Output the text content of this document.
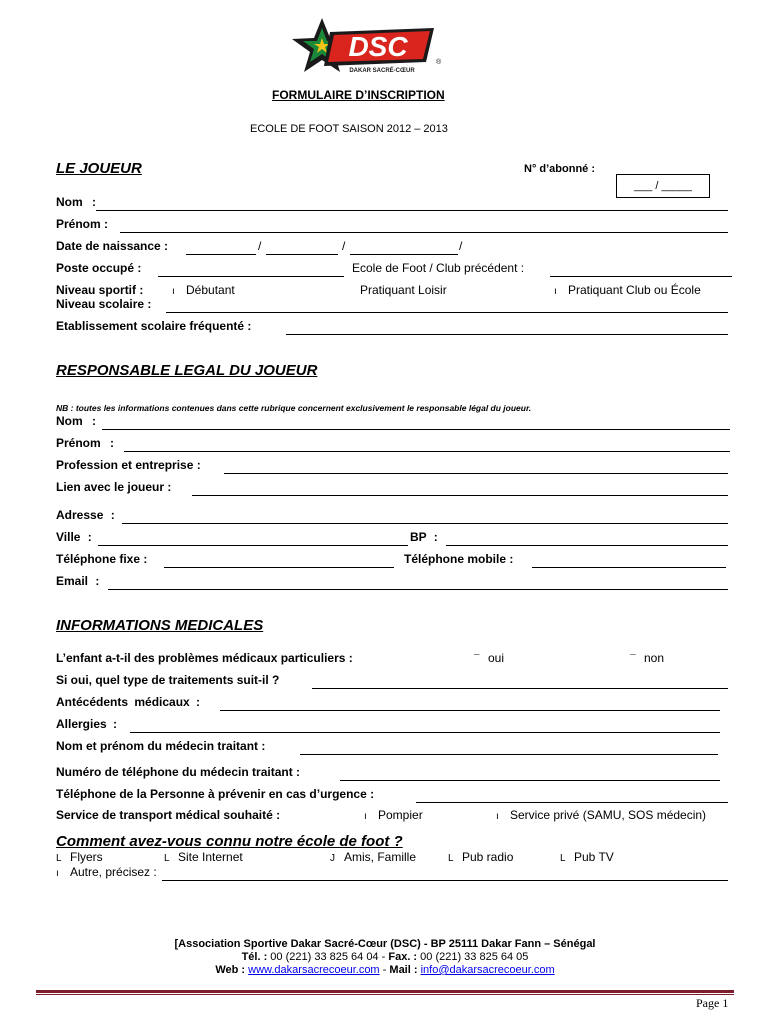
DSC
DAKAR SACRÉ-CŒUR
®
FORMULAIRE D’INSCRIPTION
ECOLE DE FOOT SAISON 2012 – 2013
LE JOUEUR	N° d’abonné :
___ / _____
Nom :
Prénom :
Date de naissance :	/	/	/
Poste occupé :	Ecole de Foot / Club précédent :
Niveau sportif :	ı Débutant	Pratiquant Loisir	ı Pratiquant Club ou École
Niveau scolaire :
Etablissement scolaire fréquenté :
RESPONSABLE LEGAL DU JOUEUR
NB : toutes les informations contenues dans cette rubrique concernent exclusivement le responsable légal du joueur.
Nom :
Prénom :
Profession et entreprise :
Lien avec le joueur :
Adresse :
Ville :	BP :
Téléphone fixe :	Téléphone mobile :
Email :
INFORMATIONS MEDICALES
L’enfant a-t-il des problèmes médicaux particuliers :	¯ oui	¯ non
Si oui, quel type de traitements suit-il ?
Antécédents médicaux :
Allergies :
Nom et prénom du médecin traitant :
Numéro de téléphone du médecin traitant :
Téléphone de la Personne à prévenir en cas d’urgence :
Service de transport médical souhaité :	ı Pompier	ı Service privé (SAMU, SOS médecin)
Comment avez-vous connu notre école de foot ?
L Flyers	L Site Internet	J Amis, Famille	L Pub radio	L Pub TV
ı Autre, précisez :
[Association Sportive Dakar Sacré-Cœur (DSC) - BP 25111 Dakar Fann – Sénégal
Tél. : 00 (221) 33 825 64 04 - Fax. : 00 (221) 33 825 64 05
Web : www.dakarsacrecoeur.com - Mail : info@dakarsacrecoeur.com
Page 1
